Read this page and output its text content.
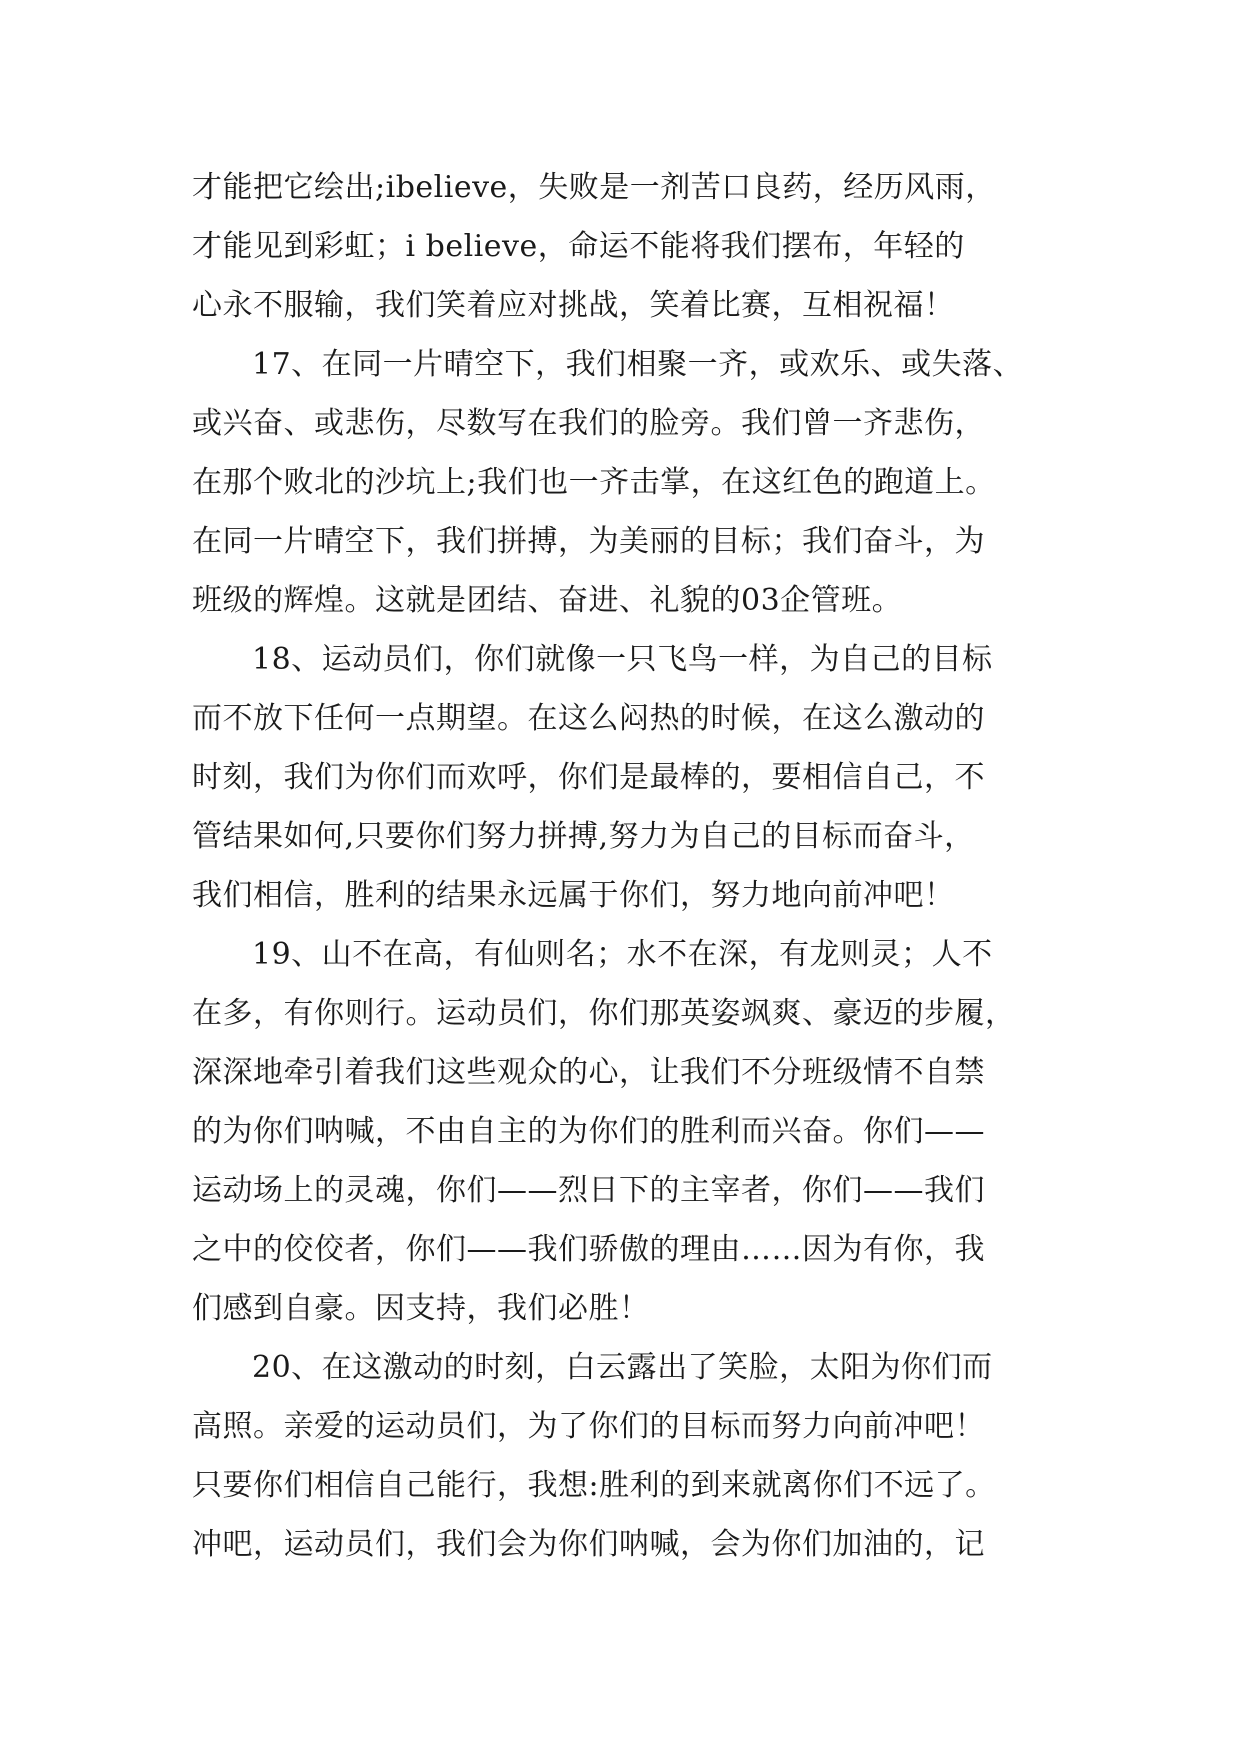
才能把它绘出;ibelieve，失败是一剂苦口良药，经历风雨，
才能见到彩虹；i believe，命运不能将我们摆布，年轻的
心永不服输，我们笑着应对挑战，笑着比赛，互相祝福！

17、在同一片晴空下，我们相聚一齐，或欢乐、或失落、
或兴奋、或悲伤，尽数写在我们的脸旁。我们曾一齐悲伤，
在那个败北的沙坑上;我们也一齐击掌，在这红色的跑道上。
在同一片晴空下，我们拼搏，为美丽的目标；我们奋斗，为
班级的辉煌。这就是团结、奋进、礼貌的03企管班。

18、运动员们，你们就像一只飞鸟一样，为自己的目标
而不放下任何一点期望。在这么闷热的时候，在这么激动的
时刻，我们为你们而欢呼，你们是最棒的，要相信自己，不
管结果如何,只要你们努力拼搏,努力为自己的目标而奋斗，
我们相信，胜利的结果永远属于你们，努力地向前冲吧！

19、山不在高，有仙则名；水不在深，有龙则灵；人不
在多，有你则行。运动员们，你们那英姿飒爽、豪迈的步履，
深深地牵引着我们这些观众的心，让我们不分班级情不自禁
的为你们呐喊，不由自主的为你们的胜利而兴奋。你们——
运动场上的灵魂，你们——烈日下的主宰者，你们——我们
之中的佼佼者，你们——我们骄傲的理由……因为有你，我
们感到自豪。因支持，我们必胜！

20、在这激动的时刻，白云露出了笑脸，太阳为你们而
高照。亲爱的运动员们，为了你们的目标而努力向前冲吧！
只要你们相信自己能行，我想:胜利的到来就离你们不远了。
冲吧，运动员们，我们会为你们呐喊，会为你们加油的，记
